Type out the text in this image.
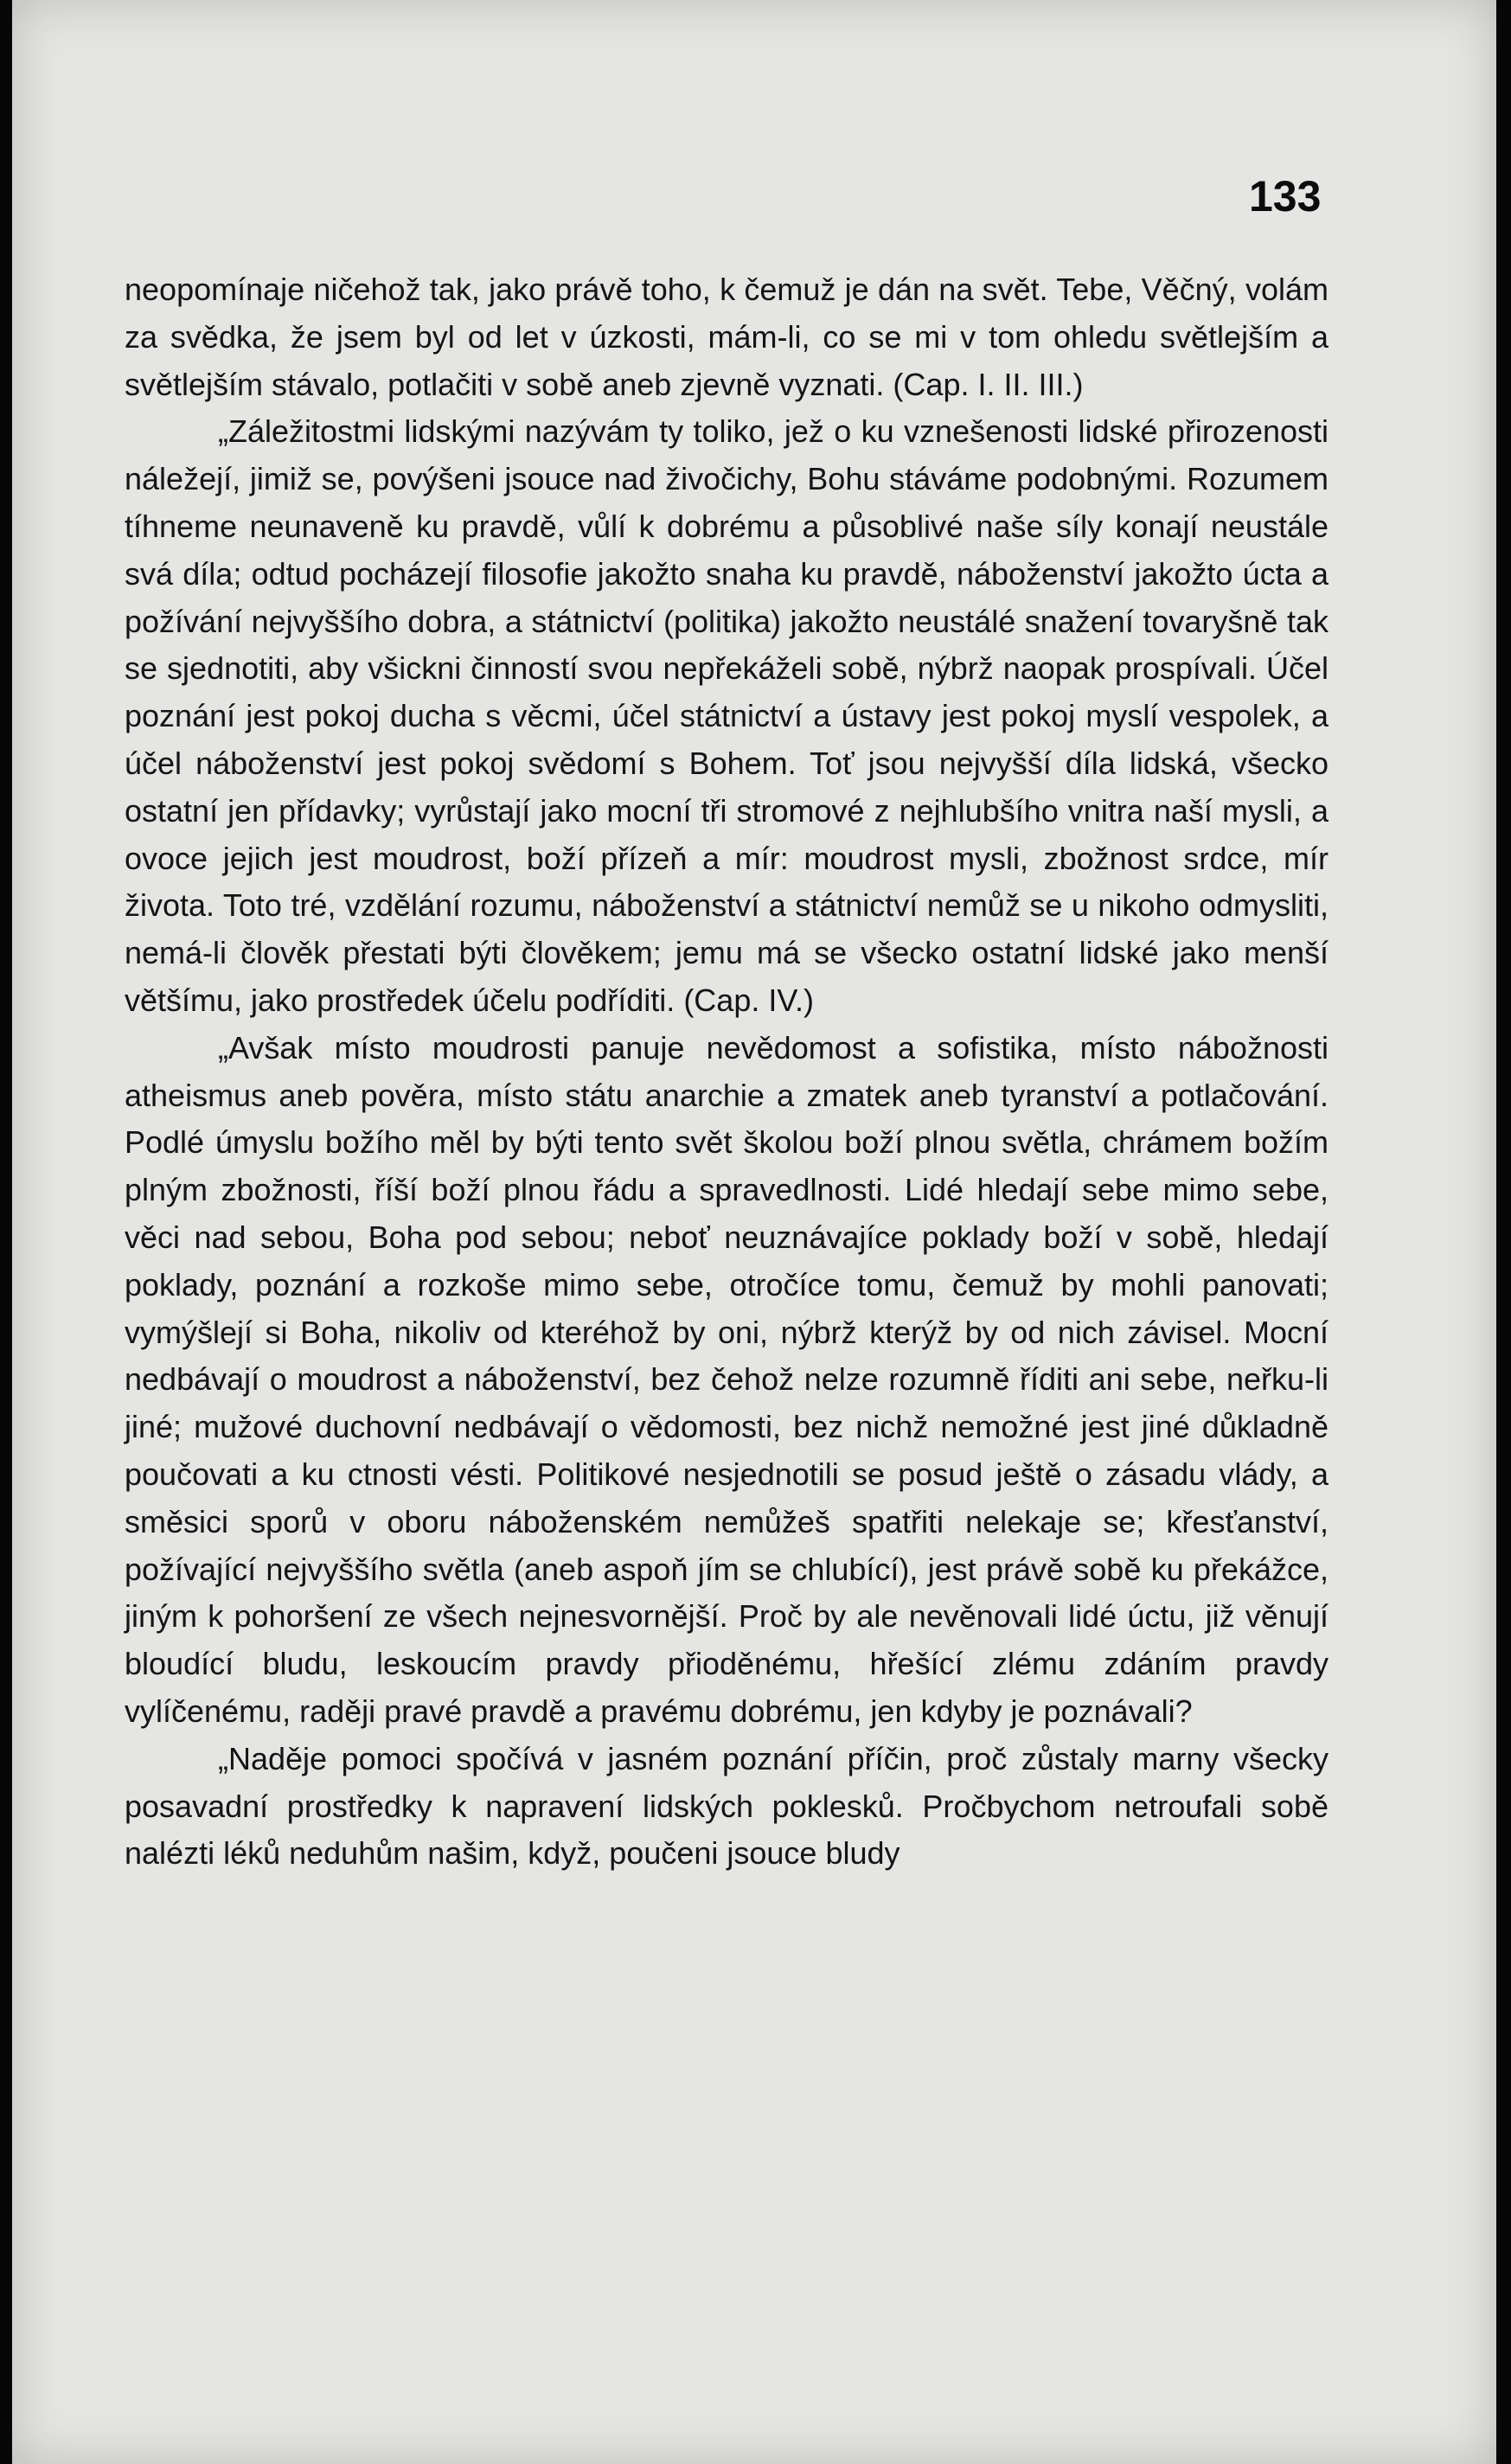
133

neopomínaje ničehož tak, jako právě toho, k čemuž je dán na svět. Tebe, Věčný, volám za svědka, že jsem byl od let v úzkosti, mám-li, co se mi v tom ohledu světlejším a světlejším stávalo, potlačiti v sobě aneb zjevně vyznati. (Cap. I. II. III.)

„Záležitostmi lidskými nazývám ty toliko, jež o ku vznešenosti lidské přirozenosti náležejí, jimiž se, povýšeni jsouce nad živočichy, Bohu stáváme podobnými. Rozumem tíhneme neunaveně ku pravdě, vůlí k dobrému a působlivé naše síly konají neustále svá díla; odtud pocházejí filosofie jakožto snaha ku pravdě, náboženství jakožto úcta a požívání nejvyššího dobra, a státnictví (politika) jakožto neustálé snažení tovaryšně tak se sjednotiti, aby všickni činností svou nepřekáželi sobě, nýbrž naopak prospívali. Účel poznání jest pokoj ducha s věcmi, účel státnictví a ústavy jest pokoj myslí vespolek, a účel náboženství jest pokoj svědomí s Bohem. Toť jsou nejvyšší díla lidská, všecko ostatní jen přídavky; vyrůstají jako mocní tři stromové z nejhlubšího vnitra naší mysli, a ovoce jejich jest moudrost, boží přízeň a mír: moudrost mysli, zbožnost srdce, mír života. Toto tré, vzdělání rozumu, náboženství a státnictví nemůž se u nikoho odmysliti, nemá-li člověk přestati býti člověkem; jemu má se všecko ostatní lidské jako menší většímu, jako prostředek účelu podříditi. (Cap. IV.)

„Avšak místo moudrosti panuje nevědomost a sofistika, místo nábožnosti atheismus aneb pověra, místo státu anarchie a zmatek aneb tyranství a potlačování. Podlé úmyslu božího měl by býti tento svět školou boží plnou světla, chrámem božím plným zbožnosti, říší boží plnou řádu a spravedlnosti. Lidé hledají sebe mimo sebe, věci nad sebou, Boha pod sebou; neboť neuznávajíce poklady boží v sobě, hledají poklady, poznání a rozkoše mimo sebe, otročíce tomu, čemuž by mohli panovati; vymýšlejí si Boha, nikoliv od kteréhož by oni, nýbrž kterýž by od nich závisel. Mocní nedbávají o moudrost a náboženství, bez čehož nelze rozumně říditi ani sebe, neřku-li jiné; mužové duchovní nedbávají o vědomosti, bez nichž nemožné jest jiné důkladně poučovati a ku ctnosti vésti. Politikové nesjednotili se posud ještě o zásadu vlády, a směsici sporů v oboru náboženském nemůžeš spatřiti nelekaje se; křesťanství, požívající nejvyššího světla (aneb aspoň jím se chlubící), jest právě sobě ku překážce, jiným k pohoršení ze všech nejnesvornější. Proč by ale nevěnovali lidé úctu, již věnují bloudící bludu, leskoucím pravdy přioděnému, hřešící zlému zdáním pravdy vylíčenému, raději pravé pravdě a pravému dobrému, jen kdyby je poznávali?

„Naděje pomoci spočívá v jasném poznání příčin, proč zůstaly marny všecky posavadní prostředky k napravení lidských poklesků. Pročbychom netroufali sobě nalézti léků neduhům našim, když, poučeni jsouce bludy
